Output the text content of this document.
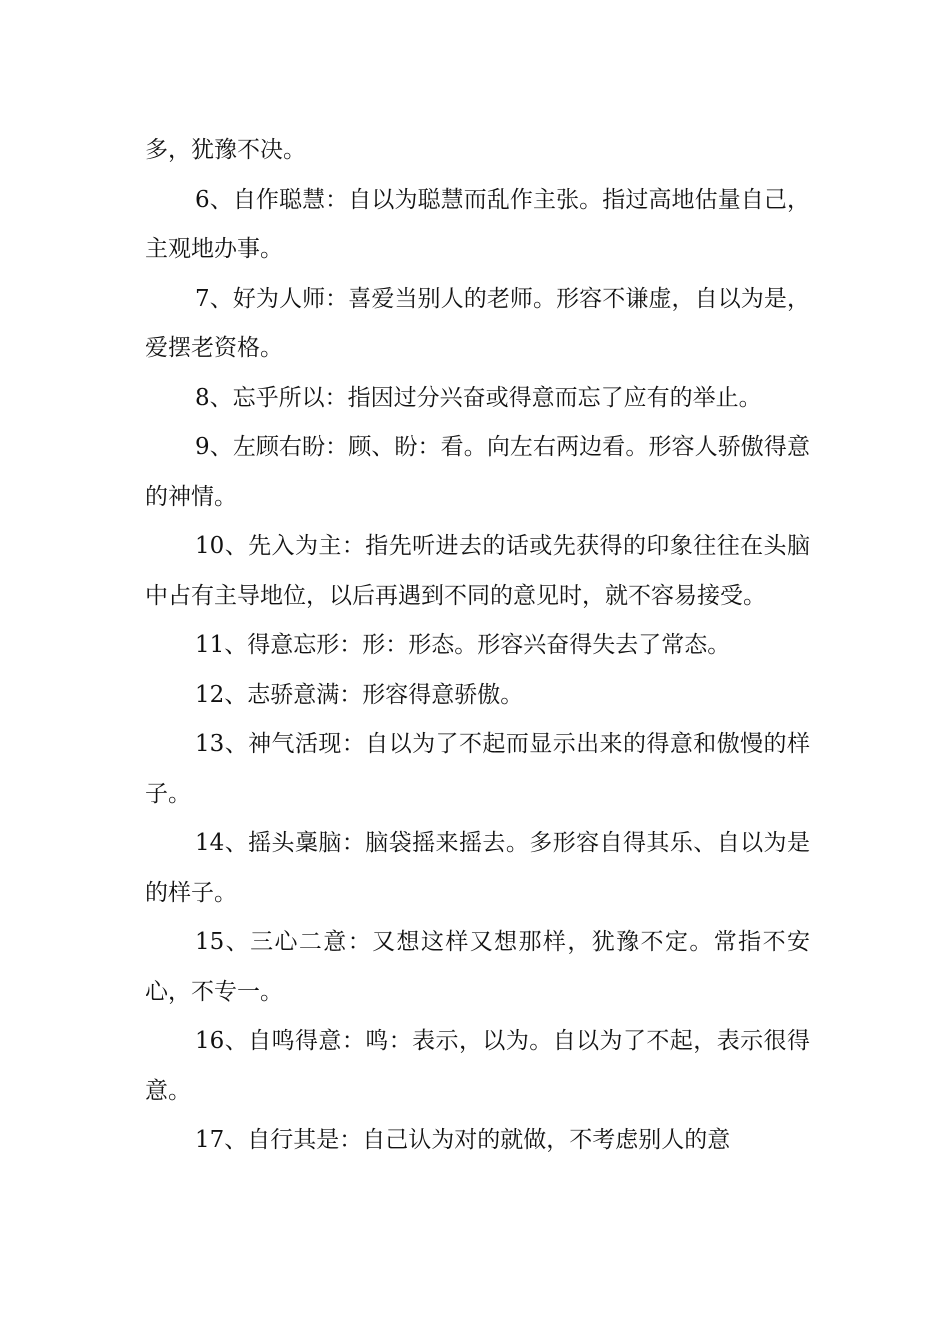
多，犹豫不决。

6、自作聪慧：自以为聪慧而乱作主张。指过高地估量自己，主观地办事。

7、好为人师：喜爱当别人的老师。形容不谦虚，自以为是，爱摆老资格。

8、忘乎所以：指因过分兴奋或得意而忘了应有的举止。

9、左顾右盼：顾、盼：看。向左右两边看。形容人骄傲得意的神情。

10、先入为主：指先听进去的话或先获得的印象往往在头脑中占有主导地位，以后再遇到不同的意见时，就不容易接受。

11、得意忘形：形：形态。形容兴奋得失去了常态。

12、志骄意满：形容得意骄傲。

13、神气活现：自以为了不起而显示出来的得意和傲慢的样子。

14、摇头稾脑：脑袋摇来摇去。多形容自得其乐、自以为是的样子。

15、三心二意：又想这样又想那样，犹豫不定。常指不安心，不专一。

16、自鸣得意：鸣：表示，以为。自以为了不起，表示很得意。

17、自行其是：自己认为对的就做，不考虑别人的意
